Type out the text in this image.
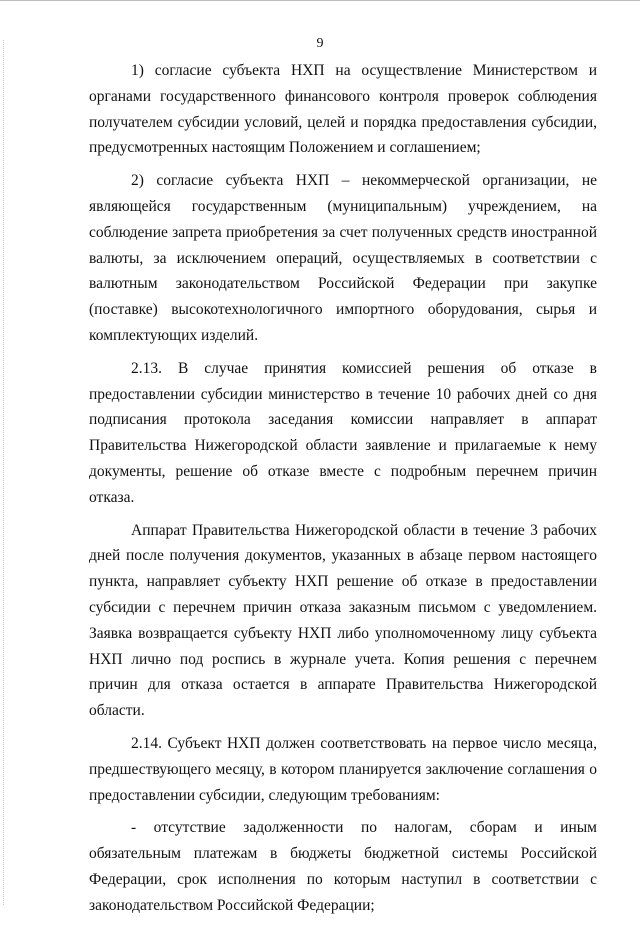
9

1) согласие субъекта НХП на осуществление Министерством и органами государственного финансового контроля проверок соблюдения получателем субсидии условий, целей и порядка предоставления субсидии, предусмотренных настоящим Положением и соглашением;

2) согласие субъекта НХП – некоммерческой организации, не являющейся государственным (муниципальным) учреждением, на соблюдение запрета приобретения за счет полученных средств иностранной валюты, за исключением операций, осуществляемых в соответствии с валютным законодательством Российской Федерации при закупке (поставке) высокотехнологичного импортного оборудования, сырья и комплектующих изделий.

2.13. В случае принятия комиссией решения об отказе в предоставлении субсидии министерство в течение 10 рабочих дней со дня подписания протокола заседания комиссии направляет в аппарат Правительства Нижегородской области заявление и прилагаемые к нему документы, решение об отказе вместе с подробным перечнем причин отказа.

Аппарат Правительства Нижегородской области в течение 3 рабочих дней после получения документов, указанных в абзаце первом настоящего пункта, направляет субъекту НХП решение об отказе в предоставлении субсидии с перечнем причин отказа заказным письмом с уведомлением. Заявка возвращается субъекту НХП либо уполномоченному лицу субъекта НХП лично под роспись в журнале учета. Копия решения с перечнем причин для отказа остается в аппарате Правительства Нижегородской области.

2.14. Субъект НХП должен соответствовать на первое число месяца, предшествующего месяцу, в котором планируется заключение соглашения о предоставлении субсидии, следующим требованиям:

- отсутствие задолженности по налогам, сборам и иным обязательным платежам в бюджеты бюджетной системы Российской Федерации, срок исполнения по которым наступил в соответствии с законодательством Российской Федерации;
